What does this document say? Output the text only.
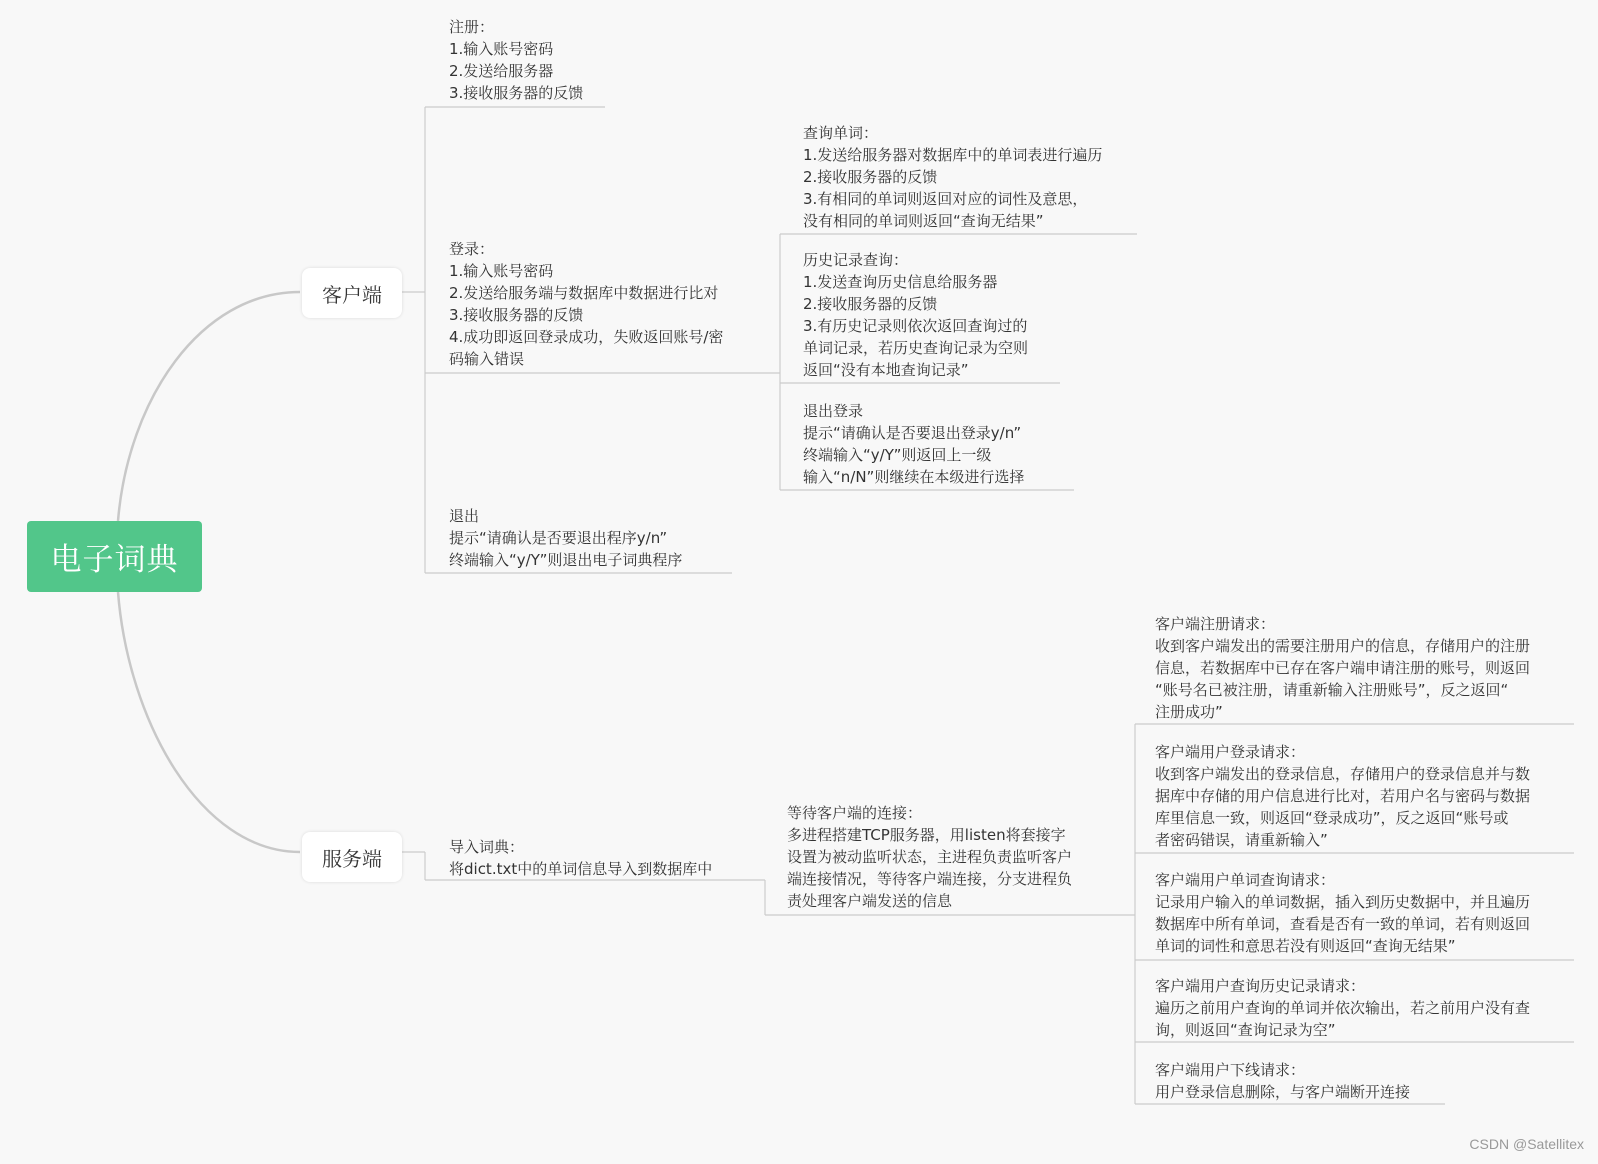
电子词典
客户端
服务端

注册：
1.输入账号密码
2.发送给服务器
3.接收服务器的反馈

登录：
1.输入账号密码
2.发送给服务端与数据库中数据进行比对
3.接收服务器的反馈
4.成功即返回登录成功，失败返回账号/密
码输入错误

退出
提示“请确认是否要退出程序y/n”
终端输入“y/Y”则退出电子词典程序

查询单词：
1.发送给服务器对数据库中的单词表进行遍历
2.接收服务器的反馈
3.有相同的单词则返回对应的词性及意思，
没有相同的单词则返回“查询无结果”

历史记录查询：
1.发送查询历史信息给服务器
2.接收服务器的反馈
3.有历史记录则依次返回查询过的
单词记录，若历史查询记录为空则
返回“没有本地查询记录”

退出登录
提示“请确认是否要退出登录y/n”
终端输入“y/Y”则返回上一级
输入“n/N”则继续在本级进行选择

导入词典：
将dict.txt中的单词信息导入到数据库中

等待客户端的连接：
多进程搭建TCP服务器，用listen将套接字
设置为被动监听状态，主进程负责监听客户
端连接情况，等待客户端连接，分支进程负
责处理客户端发送的信息

客户端注册请求：
收到客户端发出的需要注册用户的信息，存储用户的注册
信息，若数据库中已存在客户端申请注册的账号，则返回
“账号名已被注册，请重新输入注册账号”，反之返回“
注册成功”

客户端用户登录请求：
收到客户端发出的登录信息，存储用户的登录信息并与数
据库中存储的用户信息进行比对，若用户名与密码与数据
库里信息一致，则返回“登录成功”，反之返回“账号或
者密码错误，请重新输入”

客户端用户单词查询请求：
记录用户输入的单词数据，插入到历史数据中，并且遍历
数据库中所有单词，查看是否有一致的单词，若有则返回
单词的词性和意思若没有则返回“查询无结果”

客户端用户查询历史记录请求：
遍历之前用户查询的单词并依次输出，若之前用户没有查
询，则返回“查询记录为空”

客户端用户下线请求：
用户登录信息删除，与客户端断开连接

CSDN @Satellitex
